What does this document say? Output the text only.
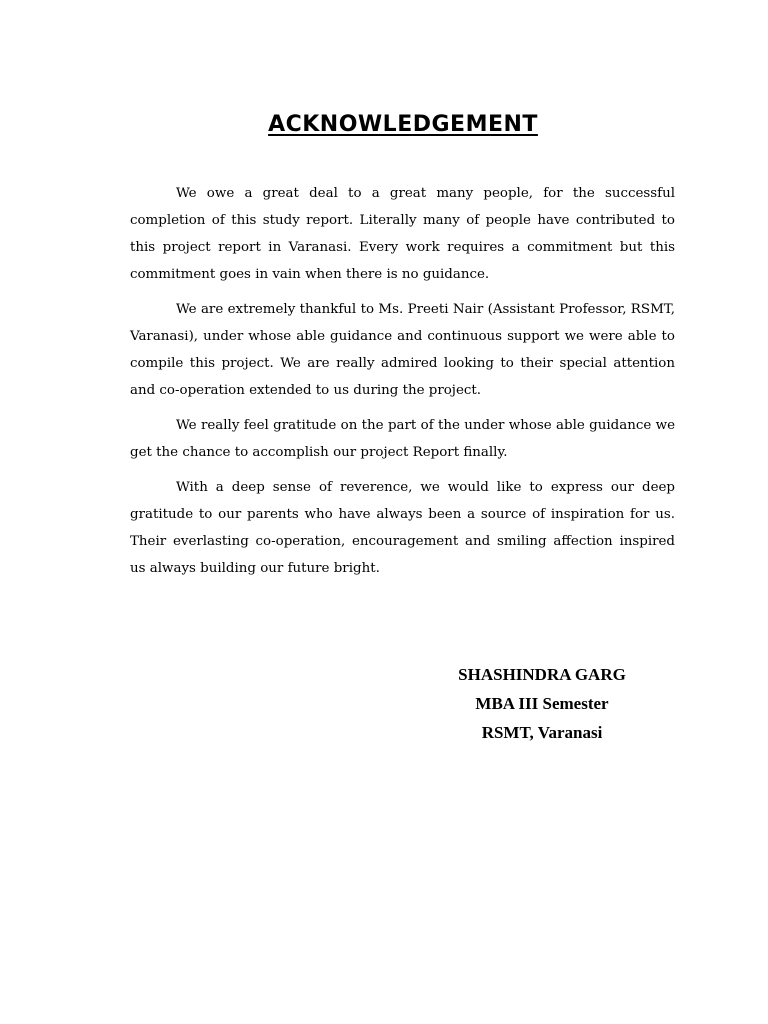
ACKNOWLEDGEMENT

We owe a great deal to a great many people, for the successful completion of this study report. Literally many of people have contributed to this project report in Varanasi. Every work requires a commitment but this commitment goes in vain when there is no guidance.

We are extremely thankful to Ms. Preeti Nair (Assistant Professor, RSMT, Varanasi), under whose able guidance and continuous support we were able to compile this project. We are really admired looking to their special attention and co-operation extended to us during the project.

We really feel gratitude on the part of the under whose able guidance we get the chance to accomplish our project Report finally.

With a deep sense of reverence, we would like to express our deep gratitude to our parents who have always been a source of inspiration for us. Their everlasting co-operation, encouragement and smiling affection inspired us always building our future bright.

SHASHINDRA GARG
MBA III Semester
RSMT, Varanasi
